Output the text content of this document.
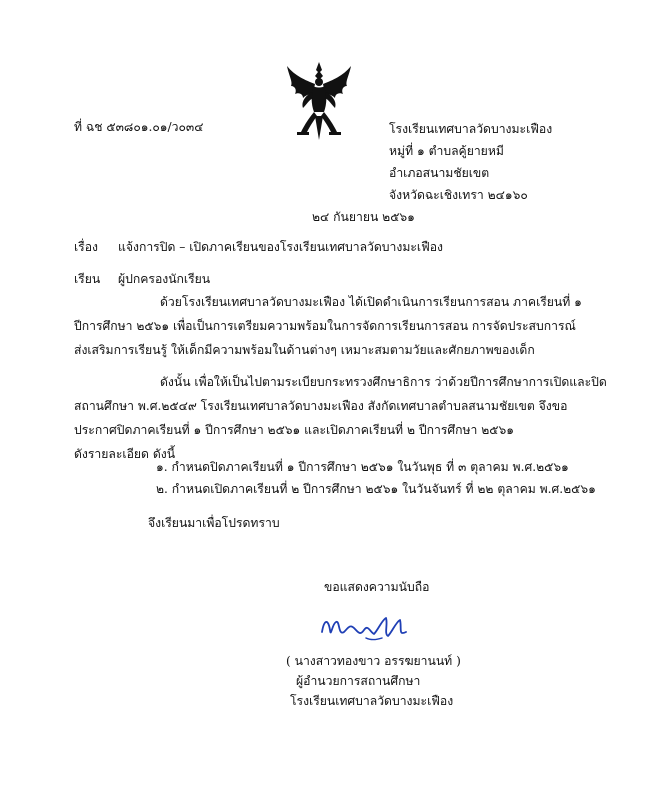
ที่ ฉช ๕๓๘๐๑.๐๑/ว๐๓๔	โรงเรียนเทศบาลวัดบางมะเฟือง
หมู่ที่ ๑ ตำบลคู้ยายหมี
อำเภอสนามชัยเขต
จังหวัดฉะเชิงเทรา ๒๔๑๖๐
๒๔ กันยายน ๒๕๖๑
เรื่อง แจ้งการปิด – เปิดภาคเรียนของโรงเรียนเทศบาลวัดบางมะเฟือง
เรียน ผู้ปกครองนักเรียน
ด้วยโรงเรียนเทศบาลวัดบางมะเฟือง ได้เปิดดำเนินการเรียนการสอน ภาคเรียนที่ ๑
ปีการศึกษา ๒๕๖๑ เพื่อเป็นการเตรียมความพร้อมในการจัดการเรียนการสอน การจัดประสบการณ์
ส่งเสริมการเรียนรู้ ให้เด็กมีความพร้อมในด้านต่างๆ เหมาะสมตามวัยและศักยภาพของเด็ก
ดังนั้น เพื่อให้เป็นไปตามระเบียบกระทรวงศึกษาธิการ ว่าด้วยปีการศึกษาการเปิดและปิด
สถานศึกษา พ.ศ.๒๕๔๙ โรงเรียนเทศบาลวัดบางมะเฟือง สังกัดเทศบาลตำบลสนามชัยเขต จึงขอ
ประกาศปิดภาคเรียนที่ ๑ ปีการศึกษา ๒๕๖๑ และเปิดภาคเรียนที่ ๒ ปีการศึกษา ๒๕๖๑
ดังรายละเอียด ดังนี้
๑. กำหนดปิดภาคเรียนที่ ๑ ปีการศึกษา ๒๕๖๑ ในวันพุธ ที่ ๓ ตุลาคม พ.ศ.๒๕๖๑
๒. กำหนดเปิดภาคเรียนที่ ๒ ปีการศึกษา ๒๕๖๑ ในวันจันทร์ ที่ ๒๒ ตุลาคม พ.ศ.๒๕๖๑
จึงเรียนมาเพื่อโปรดทราบ
ขอแสดงความนับถือ
( นางสาวทองขาว อรรฆยานนท์ )
ผู้อำนวยการสถานศึกษา
โรงเรียนเทศบาลวัดบางมะเฟือง
